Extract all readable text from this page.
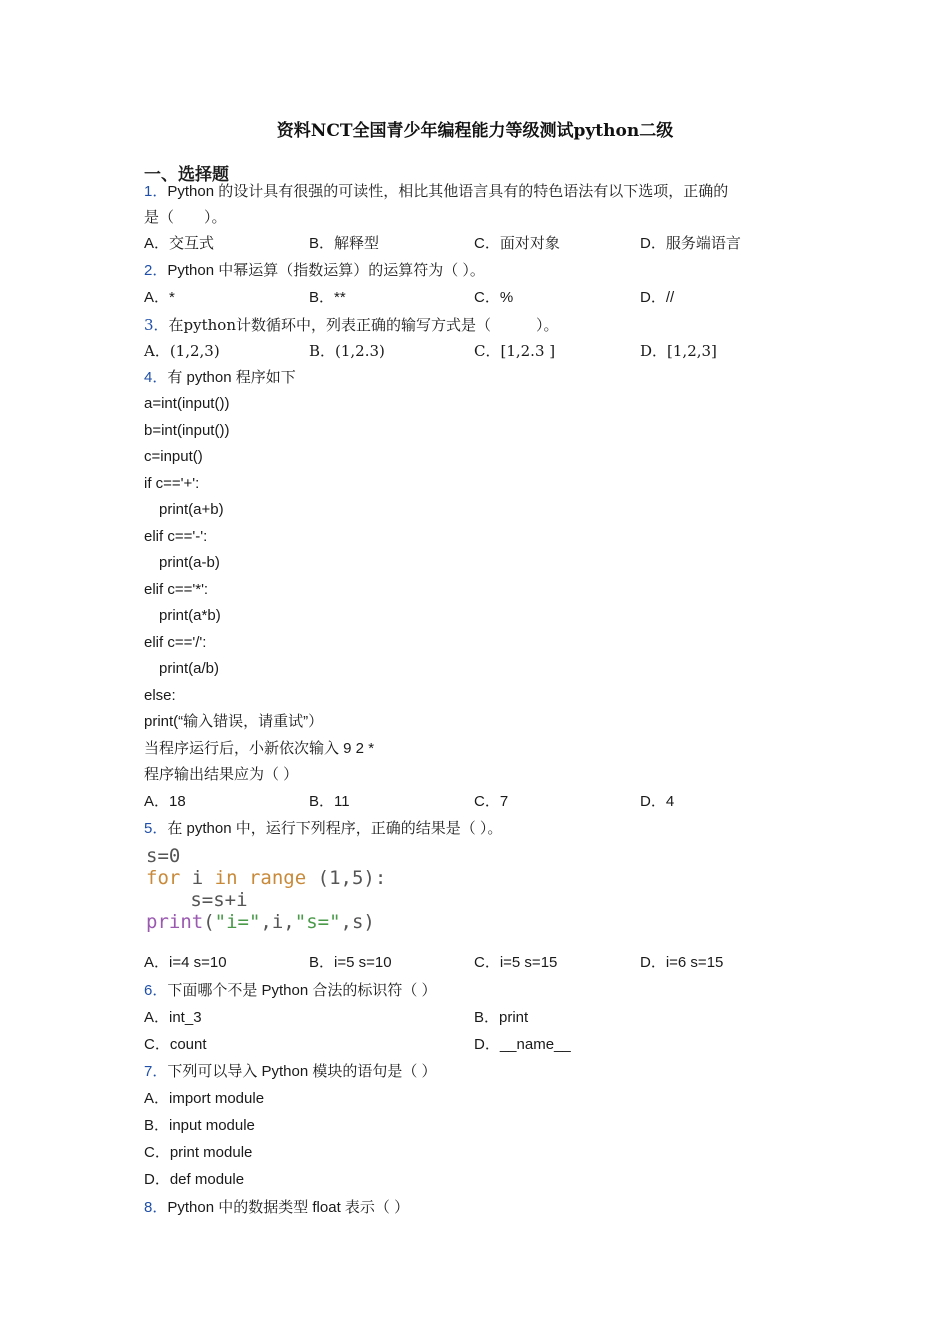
资料NCT全国青少年编程能力等级测试python二级
一、选择题
1．Python 的设计具有很强的可读性，相比其他语言具有的特色语法有以下选项，正确的
是（　　）。
A．交互式	B．解释型	C．面对对象	D．服务端语言
2．Python 中幂运算（指数运算）的运算符为（ ）。
A．*	B．**	C．%	D．//
3．在python计数循环中，列表正确的输写方式是（　　　）。
A．(1,2,3)	B．(1,2.3)	C．[1,2.3 ]	D．[1,2,3]
4．有 python 程序如下
a=int(input())
b=int(input())
c=input()
if c=='+':
print(a+b)
elif c=='-':
print(a-b)
elif c=='*':
print(a*b)
elif c=='/':
print(a/b)
else:
print(“输入错误，请重试”）
当程序运行后，小新依次输入 9 2 *
程序输出结果应为（ ）
A．18	B．11	C．7	D．4
5．在 python 中，运行下列程序，正确的结果是（ ）。
s=0
for i in range (1,5):
s=s+i
print("i=",i,"s=",s)
A．i=4 s=10	B．i=5 s=10	C．i=5 s=15	D．i=6 s=15
6．下面哪个不是 Python 合法的标识符（ ）
A．int_3	B．print
C．count	D．__name__
7．下列可以导入 Python 模块的语句是（ ）
A．import module
B．input module
C．print module
D．def module
8．Python 中的数据类型 float 表示（ ）
